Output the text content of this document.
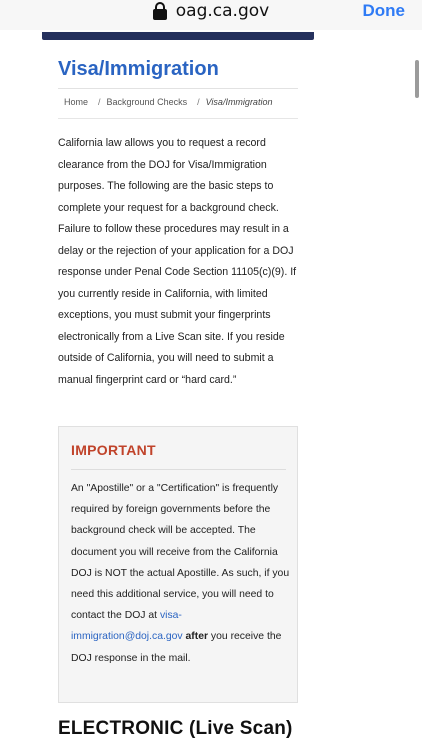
oag.ca.gov	Done
Visa/Immigration
Home / Background Checks / Visa/Immigration

California law allows you to request a record clearance from the DOJ for Visa/Immigration purposes. The following are the basic steps to complete your request for a background check. Failure to follow these procedures may result in a delay or the rejection of your application for a DOJ response under Penal Code Section 11105(c)(9). If you currently reside in California, with limited exceptions, you must submit your fingerprints electronically from a Live Scan site. If you reside outside of California, you will need to submit a manual fingerprint card or “hard card.”

IMPORTANT

An "Apostille" or a "Certification" is frequently required by foreign governments before the background check will be accepted. The document you will receive from the California DOJ is NOT the actual Apostille. As such, if you need this additional service, you will need to contact the DOJ at visa-immigration@doj.ca.gov after you receive the DOJ response in the mail.

ELECTRONIC (Live Scan)
